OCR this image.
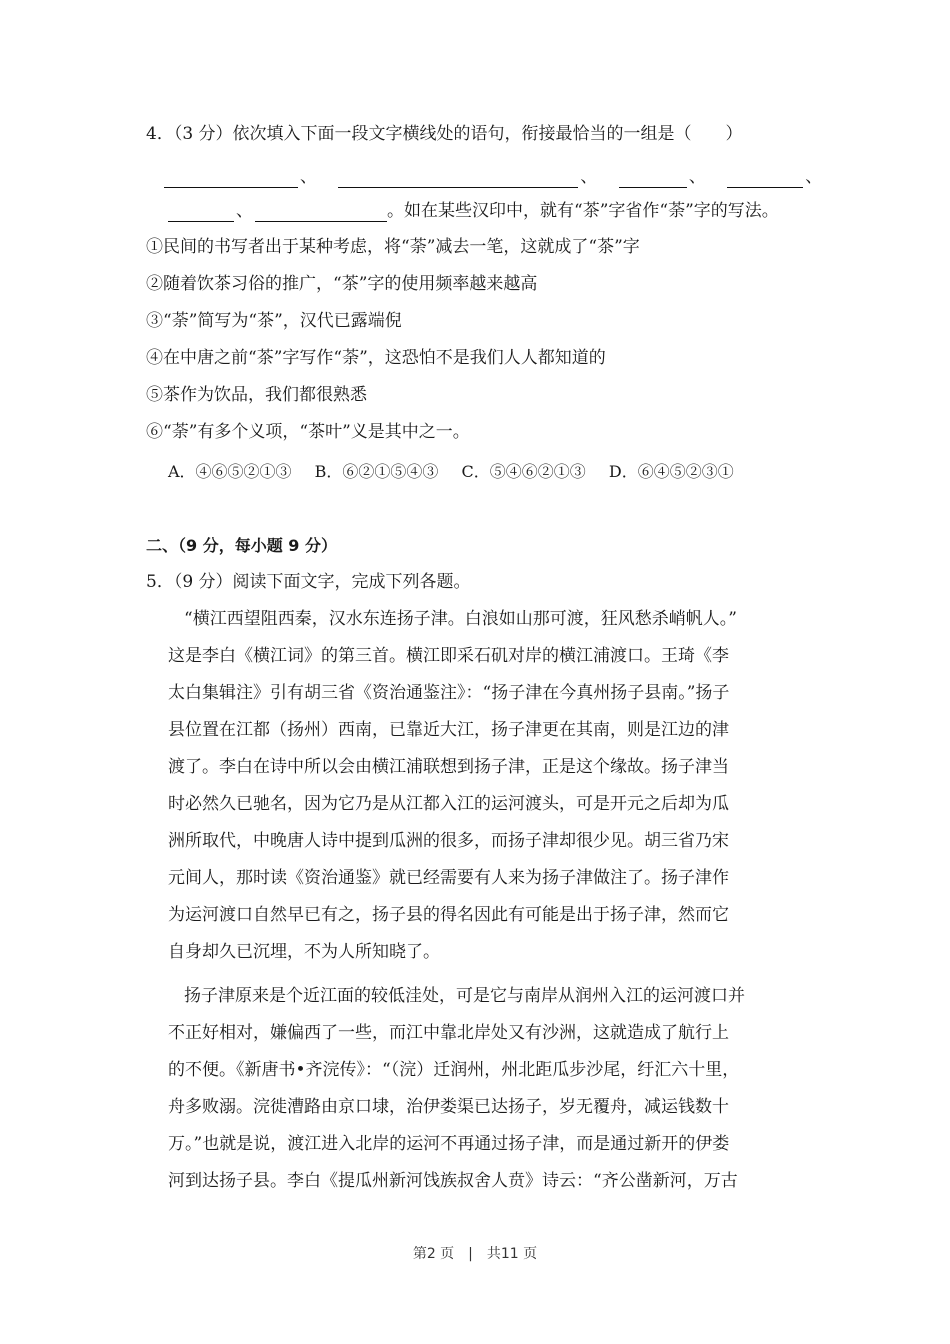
4．（3 分）依次填入下面一段文字横线处的语句，衔接最恰当的一组是（　　）
、	、	、	、
、	。如在某些汉印中，就有“茶”字省作“荼”字的写法。
①民间的书写者出于某种考虑，将“荼”减去一笔，这就成了“茶”字
②随着饮茶习俗的推广，“茶”字的使用频率越来越高
③“荼”简写为“茶”，汉代已露端倪
④在中唐之前“茶”字写作“荼”，这恐怕不是我们人人都知道的
⑤茶作为饮品，我们都很熟悉
⑥“荼”有多个义项，“茶叶”义是其中之一。
A．④⑥⑤②①③ B．⑥②①⑤④③ C．⑤④⑥②①③ D．⑥④⑤②③①
二、（9 分，每小题 9 分）
5．（9 分）阅读下面文字，完成下列各题。
“横江西望阻西秦，汉水东连扬子津。白浪如山那可渡，狂风愁杀峭帆人。”
这是李白《横江词》的第三首。横江即采石矶对岸的横江浦渡口。王琦《李
太白集辑注》引有胡三省《资治通鉴注》：“扬子津在今真州扬子县南。”扬子
县位置在江都（扬州）西南，已靠近大江，扬子津更在其南，则是江边的津
渡了。李白在诗中所以会由横江浦联想到扬子津，正是这个缘故。扬子津当
时必然久已驰名，因为它乃是从江都入江的运河渡头，可是开元之后却为瓜
洲所取代，中晚唐人诗中提到瓜洲的很多，而扬子津却很少见。胡三省乃宋
元间人，那时读《资治通鉴》就已经需要有人来为扬子津做注了。扬子津作
为运河渡口自然早已有之，扬子县的得名因此有可能是出于扬子津，然而它
自身却久已沉埋，不为人所知晓了。
扬子津原来是个近江面的较低洼处，可是它与南岸从润州入江的运河渡口并
不正好相对，嫌偏西了一些，而江中靠北岸处又有沙洲，这就造成了航行上
的不便。《新唐书•齐浣传》：“（浣）迁润州，州北距瓜步沙尾，纡汇六十里，
舟多败溺。浣徙漕路由京口埭，治伊娄渠已达扬子，岁无覆舟，减运钱数十
万。”也就是说，渡江进入北岸的运河不再通过扬子津，而是通过新开的伊娄
河到达扬子县。李白《提瓜州新河饯族叔舍人贲》诗云：“齐公凿新河，万古
第2 页　|　共11 页
